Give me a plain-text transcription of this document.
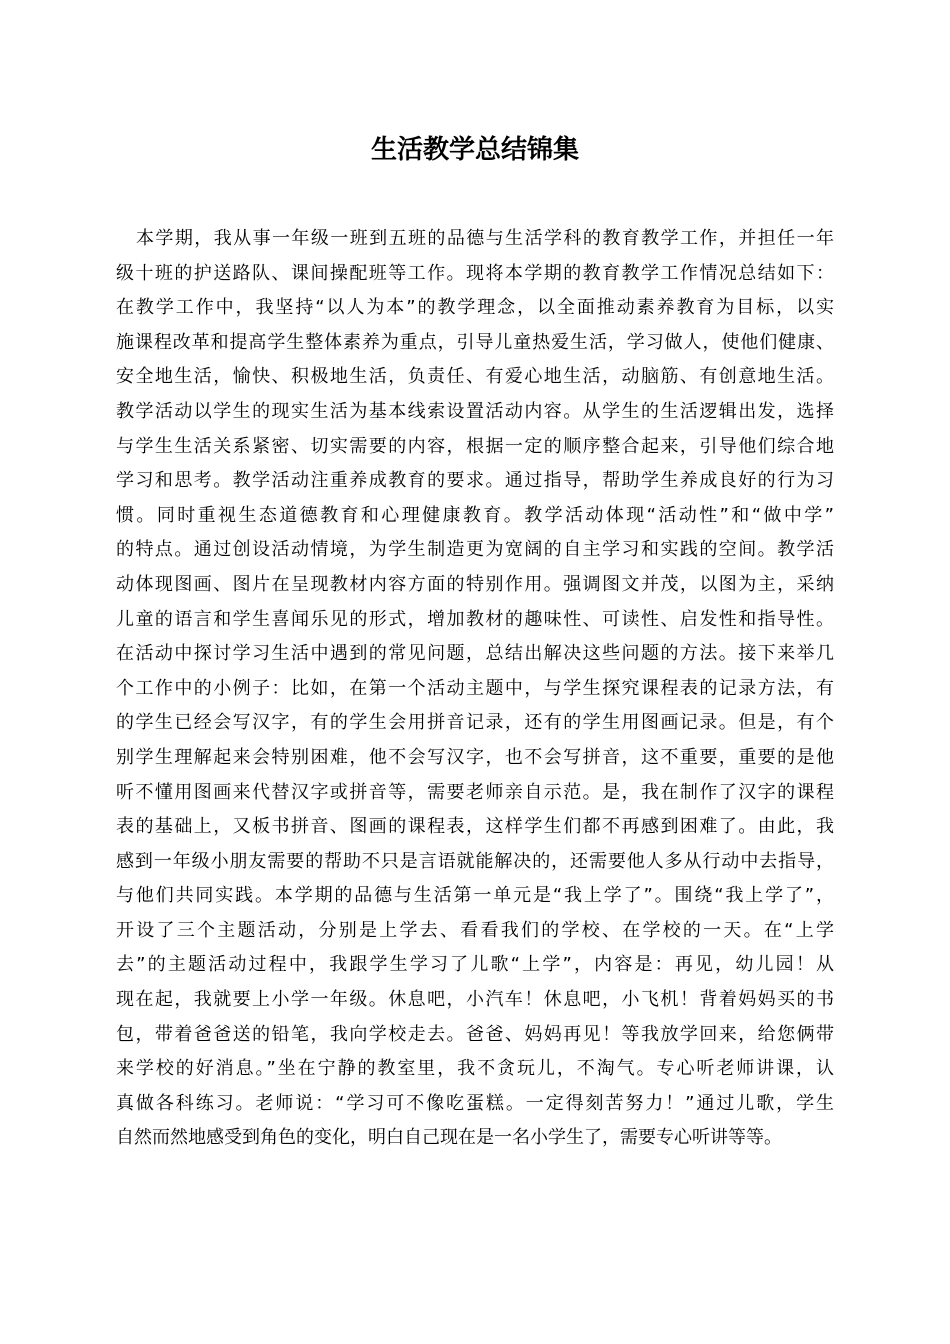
生活教学总结锦集
本学期，我从事一年级一班到五班的品德与生活学科的教育教学工作，并担任一年
级十班的护送路队、课间操配班等工作。现将本学期的教育教学工作情况总结如下：
在教学工作中，我坚持“以人为本”的教学理念，以全面推动素养教育为目标，以实
施课程改革和提高学生整体素养为重点，引导儿童热爱生活，学习做人，使他们健康、
安全地生活，愉快、积极地生活，负责任、有爱心地生活，动脑筋、有创意地生活。
教学活动以学生的现实生活为基本线索设置活动内容。从学生的生活逻辑出发，选择
与学生生活关系紧密、切实需要的内容，根据一定的顺序整合起来，引导他们综合地
学习和思考。教学活动注重养成教育的要求。通过指导，帮助学生养成良好的行为习
惯。同时重视生态道德教育和心理健康教育。教学活动体现“活动性”和“做中学”
的特点。通过创设活动情境，为学生制造更为宽阔的自主学习和实践的空间。教学活
动体现图画、图片在呈现教材内容方面的特别作用。强调图文并茂，以图为主，采纳
儿童的语言和学生喜闻乐见的形式，增加教材的趣味性、可读性、启发性和指导性。
在活动中探讨学习生活中遇到的常见问题，总结出解决这些问题的方法。接下来举几
个工作中的小例子：比如，在第一个活动主题中，与学生探究课程表的记录方法，有
的学生已经会写汉字，有的学生会用拼音记录，还有的学生用图画记录。但是，有个
别学生理解起来会特别困难，他不会写汉字，也不会写拼音，这不重要，重要的是他
听不懂用图画来代替汉字或拼音等，需要老师亲自示范。是，我在制作了汉字的课程
表的基础上，又板书拼音、图画的课程表，这样学生们都不再感到困难了。由此，我
感到一年级小朋友需要的帮助不只是言语就能解决的，还需要他人多从行动中去指导，
与他们共同实践。本学期的品德与生活第一单元是“我上学了”。围绕“我上学了”，
开设了三个主题活动，分别是上学去、看看我们的学校、在学校的一天。在“上学
去”的主题活动过程中，我跟学生学习了儿歌“上学”，内容是：再见，幼儿园！从
现在起，我就要上小学一年级。休息吧，小汽车！休息吧，小飞机！背着妈妈买的书
包，带着爸爸送的铅笔，我向学校走去。爸爸、妈妈再见！等我放学回来，给您俩带
来学校的好消息。”坐在宁静的教室里，我不贪玩儿，不淘气。专心听老师讲课，认
真做各科练习。老师说：“学习可不像吃蛋糕。一定得刻苦努力！”通过儿歌，学生
自然而然地感受到角色的变化，明白自己现在是一名小学生了，需要专心听讲等等。
